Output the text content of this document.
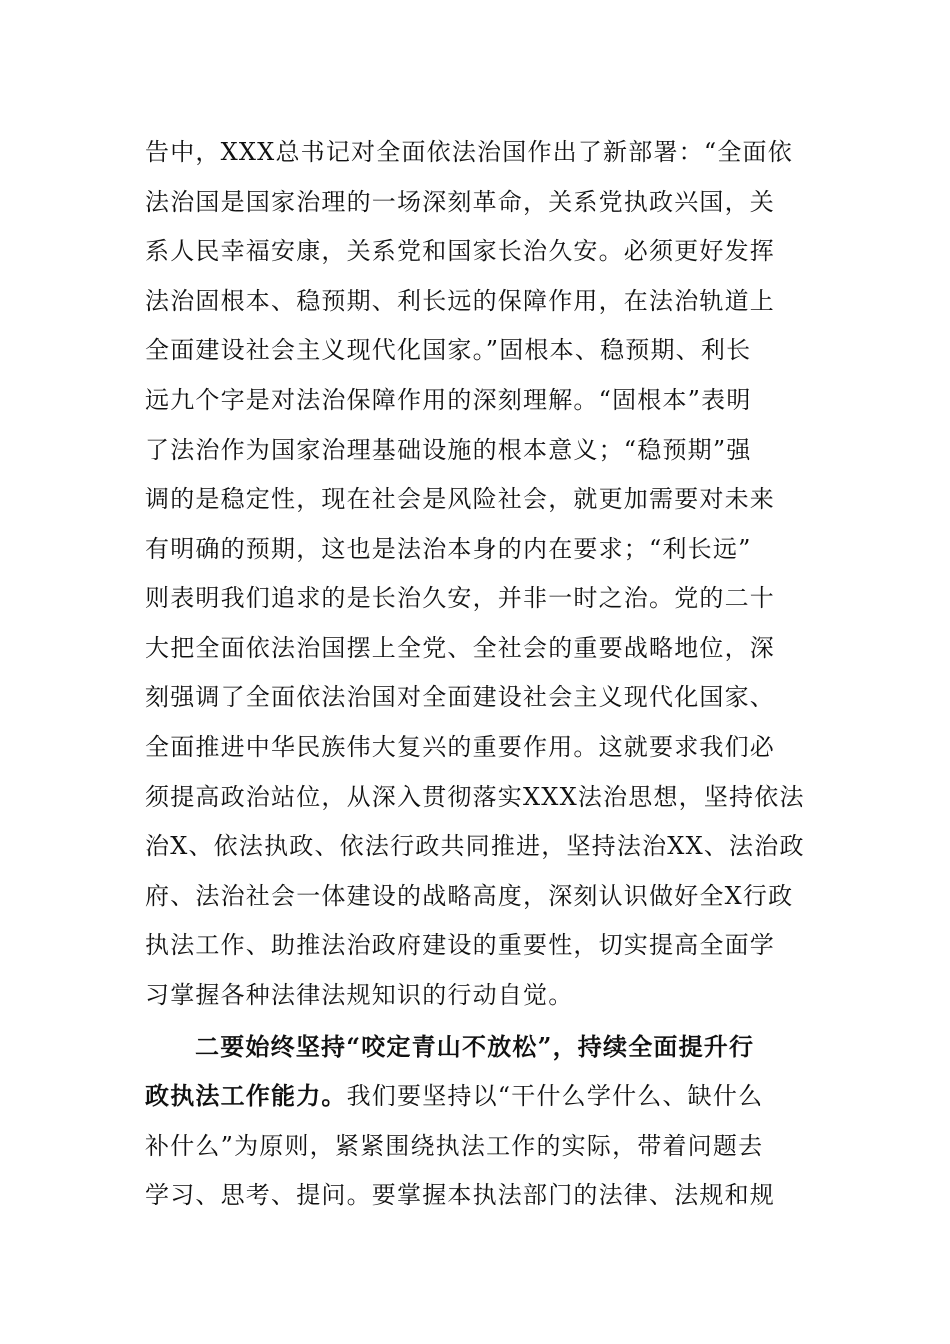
告中，XXX总书记对全面依法治国作出了新部署：“全面依
法治国是国家治理的一场深刻革命，关系党执政兴国，关
系人民幸福安康，关系党和国家长治久安。必须更好发挥
法治固根本、稳预期、利长远的保障作用，在法治轨道上
全面建设社会主义现代化国家。”固根本、稳预期、利长
远九个字是对法治保障作用的深刻理解。“固根本”表明
了法治作为国家治理基础设施的根本意义；“稳预期”强
调的是稳定性，现在社会是风险社会，就更加需要对未来
有明确的预期，这也是法治本身的内在要求；“利长远”
则表明我们追求的是长治久安，并非一时之治。党的二十
大把全面依法治国摆上全党、全社会的重要战略地位，深
刻强调了全面依法治国对全面建设社会主义现代化国家、
全面推进中华民族伟大复兴的重要作用。这就要求我们必
须提高政治站位，从深入贯彻落实XXX法治思想，坚持依法
治X、依法执政、依法行政共同推进，坚持法治XX、法治政
府、法治社会一体建设的战略高度，深刻认识做好全X行政
执法工作、助推法治政府建设的重要性，切实提高全面学
习掌握各种法律法规知识的行动自觉。
二要始终坚持“咬定青山不放松”，持续全面提升行
政执法工作能力。我们要坚持以“干什么学什么、缺什么
补什么”为原则，紧紧围绕执法工作的实际，带着问题去
学习、思考、提问。要掌握本执法部门的法律、法规和规
